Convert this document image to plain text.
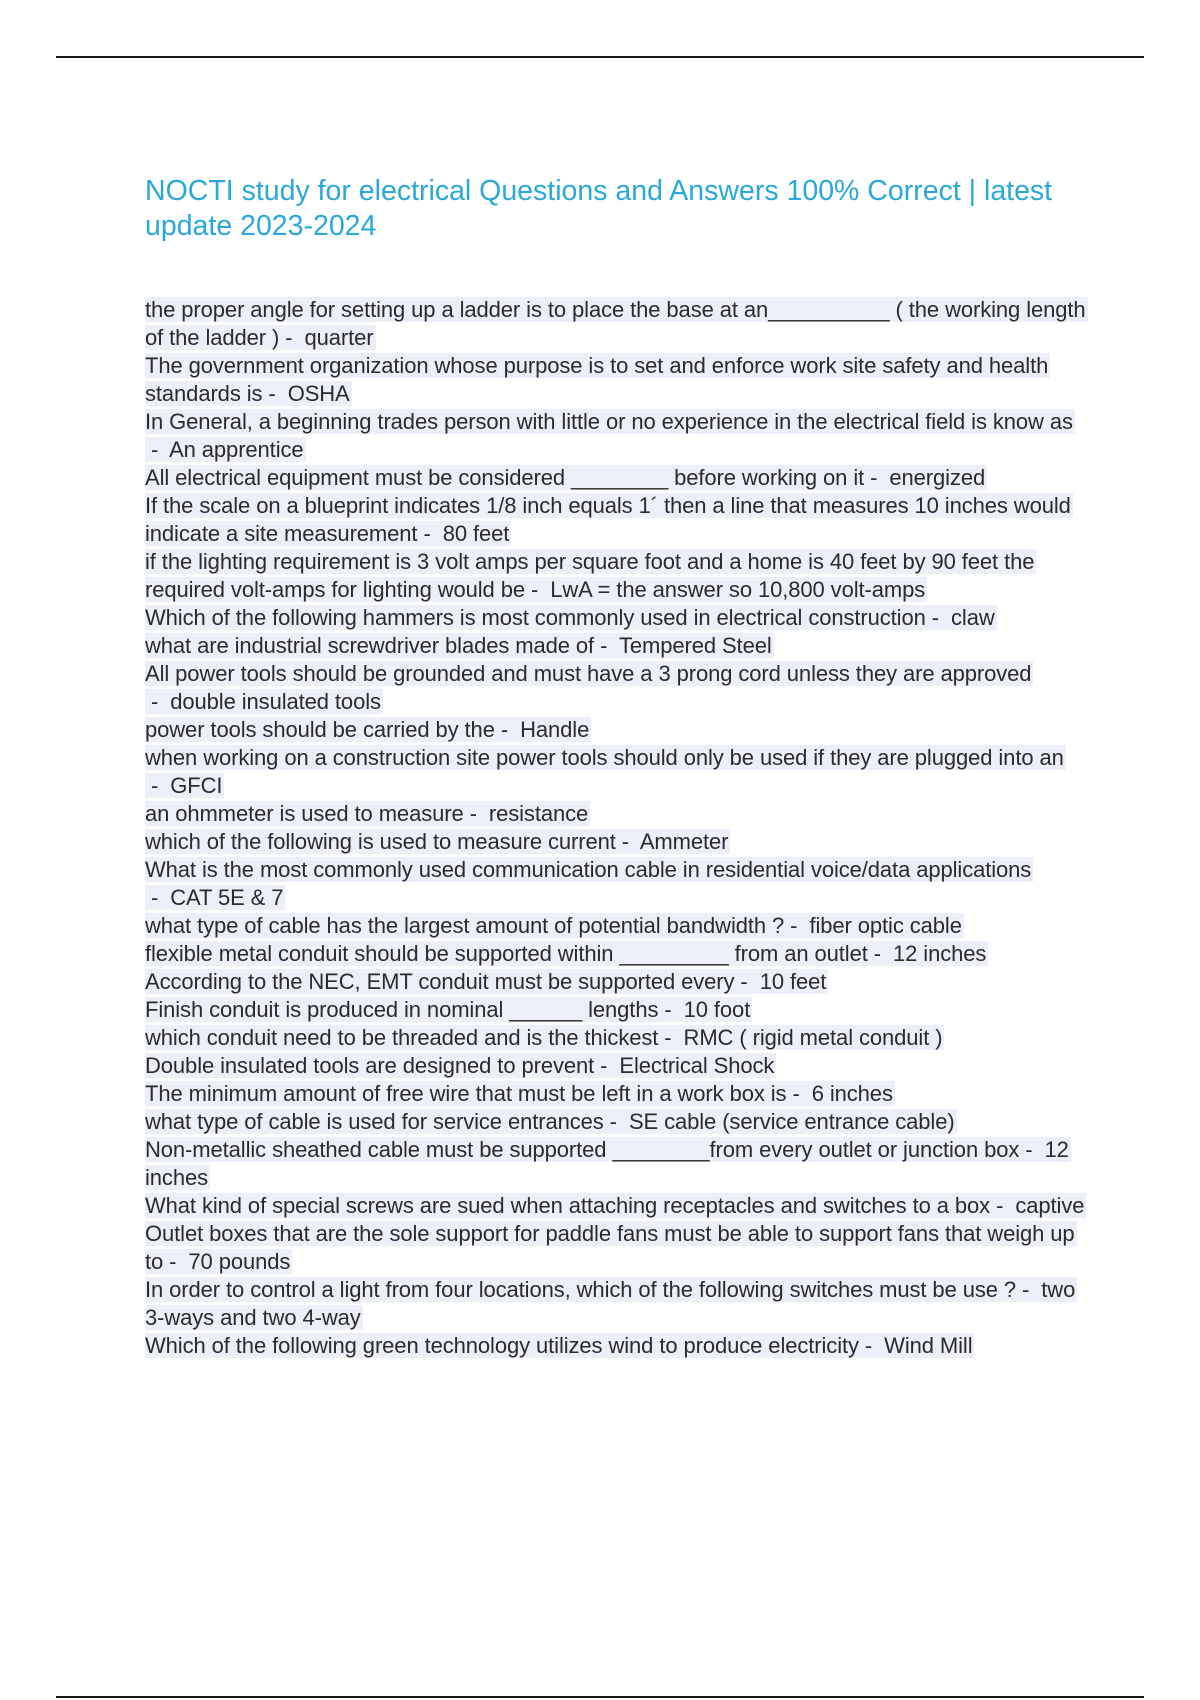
NOCTI study for electrical Questions and Answers 100% Correct | latest update 2023-2024
the proper angle for setting up a ladder is to place the base at an__________ ( the working length of the ladder ) -  quarter
The government organization whose purpose is to set and enforce work site safety and health standards is -  OSHA
In General, a beginning trades person with little or no experience in the electrical field is know as -  An apprentice
All electrical equipment must be considered ________ before working on it -  energized
If the scale on a blueprint indicates 1/8 inch equals 1´ then a line that measures 10 inches would indicate a site measurement -  80 feet
if the lighting requirement is 3 volt amps per square foot and a home is 40 feet by 90 feet the required volt-amps for lighting would be -  LwA = the answer so 10,800 volt-amps
Which of the following hammers is most commonly used in electrical construction -  claw
what are industrial screwdriver blades made of -  Tempered Steel
All power tools should be grounded and must have a 3 prong cord unless they are approved -  double insulated tools
power tools should be carried by the -  Handle
when working on a construction site power tools should only be used if they are plugged into an -  GFCI
an ohmmeter is used to measure -  resistance
which of the following is used to measure current -  Ammeter
What is the most commonly used communication cable in residential voice/data applications -  CAT 5E & 7
what type of cable has the largest amount of potential bandwidth ? -  fiber optic cable
flexible metal conduit should be supported within _________ from an outlet -  12 inches
According to the NEC, EMT conduit must be supported every -  10 feet
Finish conduit is produced in nominal ______ lengths -  10 foot
which conduit need to be threaded and is the thickest -  RMC ( rigid metal conduit )
Double insulated tools are designed to prevent -  Electrical Shock
The minimum amount of free wire that must be left in a work box is -  6 inches
what type of cable is used for service entrances -  SE cable (service entrance cable)
Non-metallic sheathed cable must be supported ________from every outlet or junction box -  12 inches
What kind of special screws are sued when attaching receptacles and switches to a box -  captive
Outlet boxes that are the sole support for paddle fans must be able to support fans that weigh up to -  70 pounds
In order to control a light from four locations, which of the following switches must be use ? -  two 3-ways and two 4-way
Which of the following green technology utilizes wind to produce electricity -  Wind Mill
